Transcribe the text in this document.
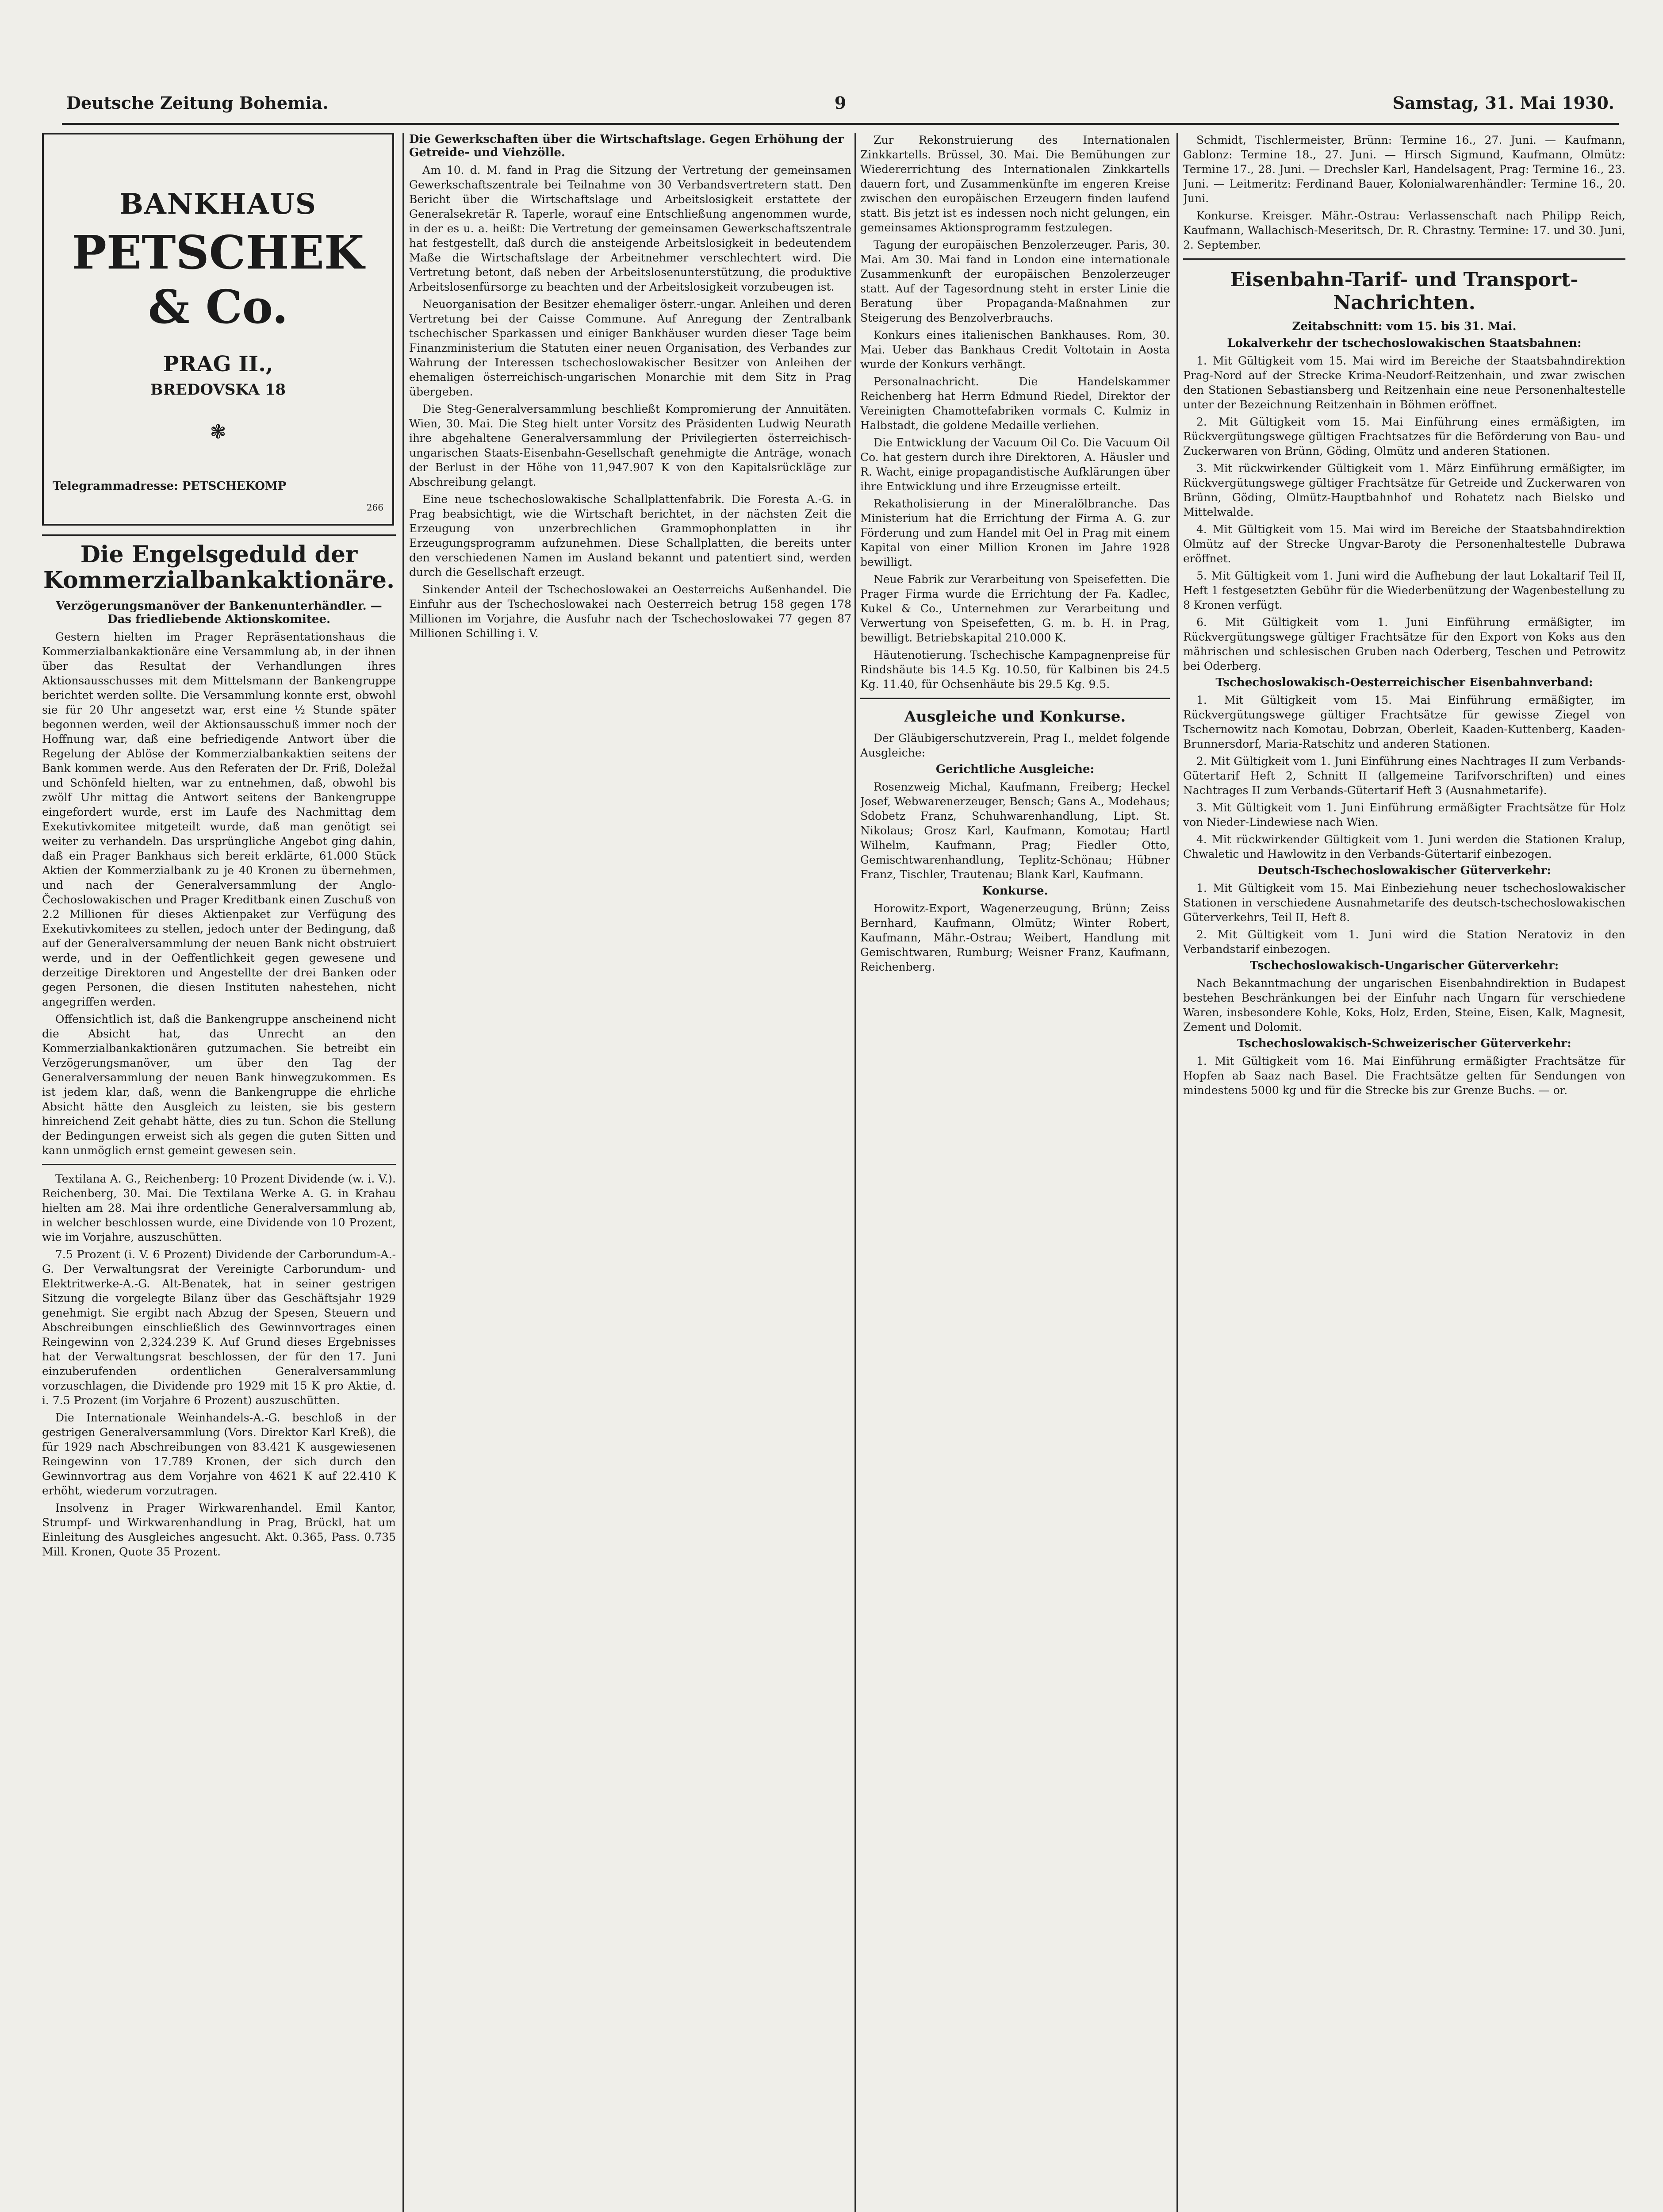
Deutsche Zeitung Bohemia.	9	Samstag, 31. Mai 1930.
BANKHAUS
PETSCHEK & Co.
PRAG II.,
BREDOVSKA 18
❃
Telegrammadresse: PETSCHEKOMP
266
Die Engelsgeduld der Kommerzialbankaktionäre.
Verzögerungsmanöver der Bankenunterhändler. — Das friedliebende Aktionskomitee.

Gestern hielten im Prager Repräsentationshaus die Kommerzialbankaktionäre eine Versammlung ab, in der ihnen über das Resultat der Verhandlungen ihres Aktionsausschusses mit dem Mittelsmann der Bankengruppe berichtet werden sollte. Die Versammlung konnte erst, obwohl sie für 20 Uhr angesetzt war, erst eine ½ Stunde später begonnen werden, weil der Aktionsausschuß immer noch der Hoffnung war, daß eine befriedigende Antwort über die Regelung der Ablöse der Kommerzialbankaktien seitens der Bank kommen werde. Aus den Referaten der Dr. Friß, Doležal und Schönfeld hielten, war zu entnehmen, daß, obwohl bis zwölf Uhr mittag die Antwort seitens der Bankengruppe eingefordert wurde, erst im Laufe des Nachmittag dem Exekutivkomitee mitgeteilt wurde, daß man genötigt sei weiter zu verhandeln. Das ursprüngliche Angebot ging dahin, daß ein Prager Bankhaus sich bereit erklärte, 61.000 Stück Aktien der Kommerzialbank zu je 40 Kronen zu übernehmen, und nach der Generalversammlung der Anglo-Čechoslowakischen und Prager Kreditbank einen Zuschuß von 2.2 Millionen für dieses Aktienpaket zur Verfügung des Exekutivkomitees zu stellen, jedoch unter der Bedingung, daß auf der Generalversammlung der neuen Bank nicht obstruiert werde, und in der Oeffentlichkeit gegen gewesene und derzeitige Direktoren und Angestellte der drei Banken oder gegen Personen, die diesen Instituten nahestehen, nicht angegriffen werden.

Offensichtlich ist, daß die Bankengruppe anscheinend nicht die Absicht hat, das Unrecht an den Kommerzialbankaktionären gutzumachen. Sie betreibt ein Verzögerungsmanöver, um über den Tag der Generalversammlung der neuen Bank hinwegzukommen. Es ist jedem klar, daß, wenn die Bankengruppe die ehrliche Absicht hätte den Ausgleich zu leisten, sie bis gestern hinreichend Zeit gehabt hätte, dies zu tun. Schon die Stellung der Bedingungen erweist sich als gegen die guten Sitten und kann unmöglich ernst gemeint gewesen sein.

Textilana A. G., Reichenberg: 10 Prozent Dividende (w. i. V.). Reichenberg, 30. Mai. Die Textilana Werke A. G. in Krahau hielten am 28. Mai ihre ordentliche Generalversammlung ab, in welcher beschlossen wurde, eine Dividende von 10 Prozent, wie im Vorjahre, auszuschütten.

7.5 Prozent (i. V. 6 Prozent) Dividende der Carborundum-A.-G. Der Verwaltungsrat der Vereinigte Carborundum- und Elektritwerke-A.-G. Alt-Benatek, hat in seiner gestrigen Sitzung die vorgelegte Bilanz über das Geschäftsjahr 1929 genehmigt. Sie ergibt nach Abzug der Spesen, Steuern und Abschreibungen einschließlich des Gewinnvortrages einen Reingewinn von 2,324.239 K. Auf Grund dieses Ergebnisses hat der Verwaltungsrat beschlossen, der für den 17. Juni einzuberufenden ordentlichen Generalversammlung vorzuschlagen, die Dividende pro 1929 mit 15 K pro Aktie, d. i. 7.5 Prozent (im Vorjahre 6 Prozent) auszuschütten.

Die Internationale Weinhandels-A.-G. beschloß in der gestrigen Generalversammlung (Vors. Direktor Karl Kreß), die für 1929 nach Abschreibungen von 83.421 K ausgewiesenen Reingewinn von 17.789 Kronen, der sich durch den Gewinnvortrag aus dem Vorjahre von 4621 K auf 22.410 K erhöht, wiederum vorzutragen.

Insolvenz in Prager Wirkwarenhandel. Emil Kantor, Strumpf- und Wirkwarenhandlung in Prag, Brückl, hat um Einleitung des Ausgleiches angesucht. Akt. 0.365, Pass. 0.735 Mill. Kronen, Quote 35 Prozent.

Die Gewerkschaften über die Wirtschaftslage. Gegen Erhöhung der Getreide- und Viehzölle.

Am 10. d. M. fand in Prag die Sitzung der Vertretung der gemeinsamen Gewerkschaftszentrale bei Teilnahme von 30 Verbandsvertretern statt. Den Bericht über die Wirtschaftslage und Arbeitslosigkeit erstattete der Generalsekretär R. Taperle, worauf eine Entschließung angenommen wurde, in der es u. a. heißt: Die Vertretung der gemeinsamen Gewerkschaftszentrale hat festgestellt, daß durch die ansteigende Arbeitslosigkeit in bedeutendem Maße die Wirtschaftslage der Arbeitnehmer verschlechtert wird. Die Vertretung betont, daß neben der Arbeitslosenunterstützung, die produktive Arbeitslosenfürsorge zu beachten und der Arbeitslosigkeit vorzubeugen ist.

Neuorganisation der Besitzer ehemaliger österr.-ungar. Anleihen und deren Vertretung bei der Caisse Commune. Auf Anregung der Zentralbank tschechischer Sparkassen und einiger Bankhäuser wurden dieser Tage beim Finanzministerium die Statuten einer neuen Organisation, des Verbandes zur Wahrung der Interessen tschechoslowakischer Besitzer von Anleihen der ehemaligen österreichisch-ungarischen Monarchie mit dem Sitz in Prag übergeben.

Die Steg-Generalversammlung beschließt Kompromierung der Annuitäten. Wien, 30. Mai. Die Steg hielt unter Vorsitz des Präsidenten Ludwig Neurath ihre abgehaltene Generalversammlung der Privilegierten österreichisch-ungarischen Staats-Eisenbahn-Gesellschaft genehmigte die Anträge, wonach der Berlust in der Höhe von 11,947.907 K von den Kapitalsrückläge zur Abschreibung gelangt.

Eine neue tschechoslowakische Schallplattenfabrik. Die Foresta A.-G. in Prag beabsichtigt, wie die Wirtschaft berichtet, in der nächsten Zeit die Erzeugung von unzerbrechlichen Grammophonplatten in ihr Erzeugungsprogramm aufzunehmen. Diese Schallplatten, die bereits unter den verschiedenen Namen im Ausland bekannt und patentiert sind, werden durch die Gesellschaft erzeugt.

Sinkender Anteil der Tschechoslowakei an Oesterreichs Außenhandel. Die Einfuhr aus der Tschechoslowakei nach Oesterreich betrug 158 gegen 178 Millionen im Vorjahre, die Ausfuhr nach der Tschechoslowakei 77 gegen 87 Millionen Schilling i. V.

Zur Rekonstruierung des Internationalen Zinkkartells. Brüssel, 30. Mai. Die Bemühungen zur Wiedererrichtung des Internationalen Zinkkartells dauern fort, und Zusammenkünfte im engeren Kreise zwischen den europäischen Erzeugern finden laufend statt. Bis jetzt ist es indessen noch nicht gelungen, ein gemeinsames Aktionsprogramm festzulegen.

Tagung der europäischen Benzolerzeuger. Paris, 30. Mai. Am 30. Mai fand in London eine internationale Zusammenkunft der europäischen Benzolerzeuger statt. Auf der Tagesordnung steht in erster Linie die Beratung über Propaganda-Maßnahmen zur Steigerung des Benzolverbrauchs.

Konkurs eines italienischen Bankhauses. Rom, 30. Mai. Ueber das Bankhaus Credit Voltotain in Aosta wurde der Konkurs verhängt.

Personalnachricht. Die Handelskammer Reichenberg hat Herrn Edmund Riedel, Direktor der Vereinigten Chamottefabriken vormals C. Kulmiz in Halbstadt, die goldene Medaille verliehen.

Die Entwicklung der Vacuum Oil Co. Die Vacuum Oil Co. hat gestern durch ihre Direktoren, A. Häusler und R. Wacht, einige propagandistische Aufklärungen über ihre Entwicklung und ihre Erzeugnisse erteilt.

Rekatholisierung in der Mineralölbranche. Das Ministerium hat die Errichtung der Firma A. G. zur Förderung und zum Handel mit Oel in Prag mit einem Kapital von einer Million Kronen im Jahre 1928 bewilligt.

Neue Fabrik zur Verarbeitung von Speisefetten. Die Prager Firma wurde die Errichtung der Fa. Kadlec, Kukel & Co., Unternehmen zur Verarbeitung und Verwertung von Speisefetten, G. m. b. H. in Prag, bewilligt. Betriebskapital 210.000 K.

Häutenotierung. Tschechische Kampagnenpreise für Rindshäute bis 14.5 Kg. 10.50, für Kalbinen bis 24.5 Kg. 11.40, für Ochsenhäute bis 29.5 Kg. 9.5.

Ausgleiche und Konkurse.

Der Gläubigerschutzverein, Prag I., meldet folgende Ausgleiche:

Gerichtliche Ausgleiche:

Rosenzweig Michal, Kaufmann, Freiberg; Heckel Josef, Webwarenerzeuger, Bensch; Gans A., Modehaus; Sdobetz Franz, Schuhwarenhandlung, Lipt. St. Nikolaus; Grosz Karl, Kaufmann, Komotau; Hartl Wilhelm, Kaufmann, Prag; Fiedler Otto, Gemischtwarenhandlung, Teplitz-Schönau; Hübner Franz, Tischler, Trautenau; Blank Karl, Kaufmann.

Konkurse.

Horowitz-Export, Wagenerzeugung, Brünn; Zeiss Bernhard, Kaufmann, Olmütz; Winter Robert, Kaufmann, Mähr.-Ostrau; Weibert, Handlung mit Gemischtwaren, Rumburg; Weisner Franz, Kaufmann, Reichenberg.

Schmidt, Tischlermeister, Brünn: Termine 16., 27. Juni. — Kaufmann, Gablonz: Termine 18., 27. Juni. — Hirsch Sigmund, Kaufmann, Olmütz: Termine 17., 28. Juni. — Drechsler Karl, Handelsagent, Prag: Termine 16., 23. Juni. — Leitmeritz: Ferdinand Bauer, Kolonialwarenhändler: Termine 16., 20. Juni.

Konkurse. Kreisger. Mähr.-Ostrau: Verlassenschaft nach Philipp Reich, Kaufmann, Wallachisch-Meseritsch, Dr. R. Chrastny. Termine: 17. und 30. Juni, 2. September.

Eisenbahn-Tarif- und Transport-Nachrichten.
Zeitabschnitt: vom 15. bis 31. Mai.
Lokalverkehr der tschechoslowakischen Staatsbahnen:

1. Mit Gültigkeit vom 15. Mai wird im Bereiche der Staatsbahndirektion Prag-Nord auf der Strecke Krima-Neudorf-Reitzenhain, und zwar zwischen den Stationen Sebastiansberg und Reitzenhain eine neue Personenhaltestelle unter der Bezeichnung Reitzenhain in Böhmen eröffnet.

2. Mit Gültigkeit vom 15. Mai Einführung eines ermäßigten, im Rückvergütungswege gültigen Frachtsatzes für die Beförderung von Bau- und Zuckerwaren von Brünn, Göding, Olmütz und anderen Stationen.

3. Mit rückwirkender Gültigkeit vom 1. März Einführung ermäßigter, im Rückvergütungswege gültiger Frachtsätze für Getreide und Zuckerwaren von Brünn, Göding, Olmütz-Hauptbahnhof und Rohatetz nach Bielsko und Mittelwalde.

4. Mit Gültigkeit vom 15. Mai wird im Bereiche der Staatsbahndirektion Olmütz auf der Strecke Ungvar-Baroty die Personenhaltestelle Dubrawa eröffnet.

5. Mit Gültigkeit vom 1. Juni wird die Aufhebung der laut Lokaltarif Teil II, Heft 1 festgesetzten Gebühr für die Wiederbenützung der Wagenbestellung zu 8 Kronen verfügt.

6. Mit Gültigkeit vom 1. Juni Einführung ermäßigter, im Rückvergütungswege gültiger Frachtsätze für den Export von Koks aus den mährischen und schlesischen Gruben nach Oderberg, Teschen und Petrowitz bei Oderberg.

Tschechoslowakisch-Oesterreichischer Eisenbahnverband:

1. Mit Gültigkeit vom 15. Mai Einführung ermäßigter, im Rückvergütungswege gültiger Frachtsätze für gewisse Ziegel von Tschernowitz nach Komotau, Dobrzan, Oberleit, Kaaden-Kuttenberg, Kaaden-Brunnersdorf, Maria-Ratschitz und anderen Stationen.

2. Mit Gültigkeit vom 1. Juni Einführung eines Nachtrages II zum Verbands-Gütertarif Heft 2, Schnitt II (allgemeine Tarifvorschriften) und eines Nachtrages II zum Verbands-Gütertarif Heft 3 (Ausnahmetarife).

3. Mit Gültigkeit vom 1. Juni Einführung ermäßigter Frachtsätze für Holz von Nieder-Lindewiese nach Wien.

4. Mit rückwirkender Gültigkeit vom 1. Juni werden die Stationen Kralup, Chwaletic und Hawlowitz in den Verbands-Gütertarif einbezogen.

Deutsch-Tschechoslowakischer Güterverkehr:

1. Mit Gültigkeit vom 15. Mai Einbeziehung neuer tschechoslowakischer Stationen in verschiedene Ausnahmetarife des deutsch-tschechoslowakischen Güterverkehrs, Teil II, Heft 8.

2. Mit Gültigkeit vom 1. Juni wird die Station Neratoviz in den Verbandstarif einbezogen.

Tschechoslowakisch-Ungarischer Güterverkehr:

Nach Bekanntmachung der ungarischen Eisenbahndirektion in Budapest bestehen Beschränkungen bei der Einfuhr nach Ungarn für verschiedene Waren, insbesondere Kohle, Koks, Holz, Erden, Steine, Eisen, Kalk, Magnesit, Zement und Dolomit.

Tschechoslowakisch-Schweizerischer Güterverkehr:

1. Mit Gültigkeit vom 16. Mai Einführung ermäßigter Frachtsätze für Hopfen ab Saaz nach Basel. Die Frachtsätze gelten für Sendungen von mindestens 5000 kg und für die Strecke bis zur Grenze Buchs. — or.
